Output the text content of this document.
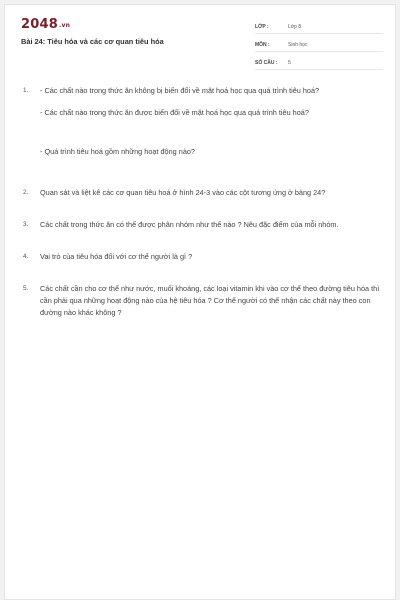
2048.vn
Bài 24: Tiêu hóa và các cơ quan tiêu hóa
LỚP :	Lớp 8
MÔN :	Sinh học
SỐ CÂU :	5
1.	- Các chất nào trong thức ăn không bị biến đổi về mặt hoá học qua quá trình tiêu hoá?

- Các chất nào trong thức ăn được biến đổi về mặt hoá học qua quá trình tiêu hoá?

- Quá trình tiêu hoá gồm những hoạt động nào?

2.	Quan sát và liệt kê các cơ quan tiêu hoá ở hình 24-3 vào các cột tương ứng ở bảng 24?

3.	Các chất trong thức ăn có thể được phân nhóm như thế nào ? Nêu đặc điểm của mỗi nhóm.

4.	Vai trò của tiêu hóa đối với cơ thể người là gì ?

5.	Các chất cần cho cơ thể như nước, muối khoáng, các loại vitamin khi vào cơ thể theo đường tiêu hóa thì cần phải qua những hoạt động nào của hệ tiêu hóa ? Cơ thể người có thể nhận các chất này theo con đường nào khác không ?
